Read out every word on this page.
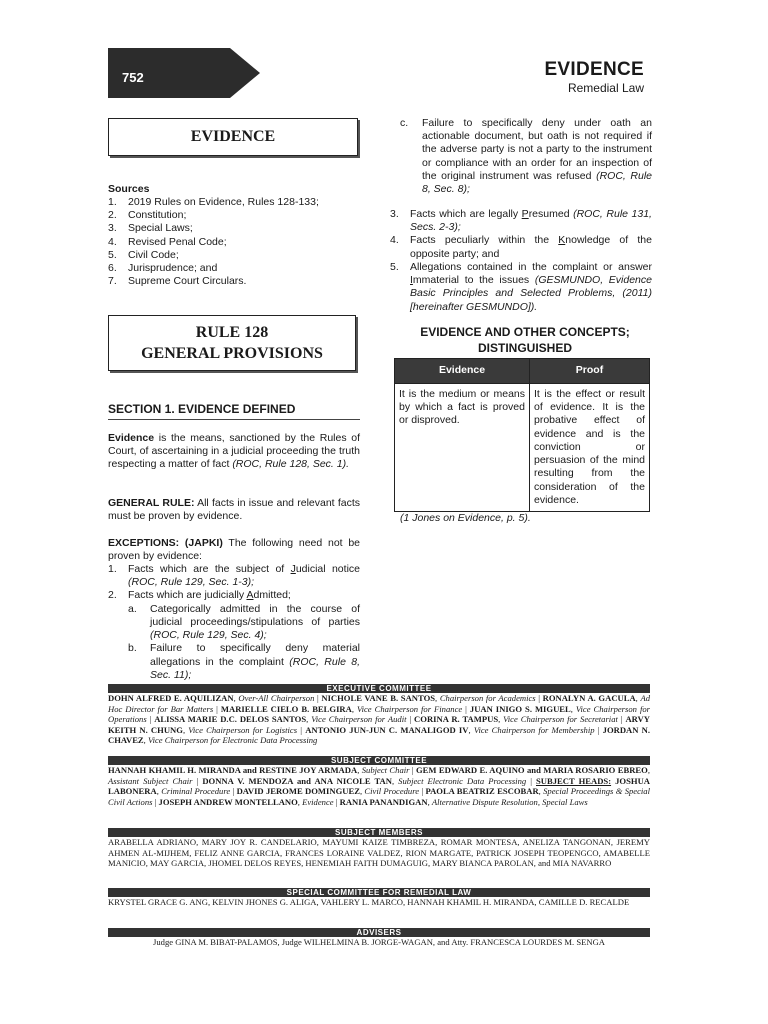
752	EVIDENCE
Remedial Law
EVIDENCE
Sources
1.	2019 Rules on Evidence, Rules 128-133;
2.	Constitution;
3.	Special Laws;
4.	Revised Penal Code;
5.	Civil Code;
6.	Jurisprudence; and
7.	Supreme Court Circulars.
RULE 128
GENERAL PROVISIONS
SECTION 1. EVIDENCE DEFINED
Evidence is the means, sanctioned by the Rules of Court, of ascertaining in a judicial proceeding the truth respecting a matter of fact (ROC, Rule 128, Sec. 1).
GENERAL RULE: All facts in issue and relevant facts must be proven by evidence.
EXCEPTIONS: (JAPKI) The following need not be proven by evidence:
1.	Facts which are the subject of Judicial notice (ROC, Rule 129, Sec. 1-3);
2.	Facts which are judicially Admitted;
a.	Categorically admitted in the course of judicial proceedings/stipulations of parties (ROC, Rule 129, Sec. 4);
b.	Failure to specifically deny material allegations in the complaint (ROC, Rule 8, Sec. 11);
c.	Failure to specifically deny under oath an actionable document, but oath is not required if the adverse party is not a party to the instrument or compliance with an order for an inspection of the original instrument was refused (ROC, Rule 8, Sec. 8);
3.	Facts which are legally Presumed (ROC, Rule 131, Secs. 2-3);
4.	Facts peculiarly within the Knowledge of the opposite party; and
5.	Allegations contained in the complaint or answer Immaterial to the issues (GESMUNDO, Evidence Basic Principles and Selected Problems, (2011) [hereinafter GESMUNDO]).
EVIDENCE AND OTHER CONCEPTS;
DISTINGUISHED
Evidence	Proof
It is the medium or means by which a fact is proved or disproved.	It is the effect or result of evidence. It is the probative effect of evidence and is the conviction or persuasion of the mind resulting from the consideration of the evidence.
(1 Jones on Evidence, p. 5).
EXECUTIVE COMMITTEE
DOHN ALFRED E. AQUILIZAN, Over-All Chairperson | NICHOLE VANE B. SANTOS, Chairperson for Academics | RONALYN A. GACULA, Ad Hoc Director for Bar Matters | MARIELLE CIELO B. BELGIRA, Vice Chairperson for Finance | JUAN INIGO S. MIGUEL, Vice Chairperson for Operations | ALISSA MARIE D.C. DELOS SANTOS, Vice Chairperson for Audit | CORINA R. TAMPUS, Vice Chairperson for Secretariat | ARVY KEITH N. CHUNG, Vice Chairperson for Logistics | ANTONIO JUN-JUN C. MANALIGOD IV, Vice Chairperson for Membership | JORDAN N. CHAVEZ, Vice Chairperson for Electronic Data Processing
SUBJECT COMMITTEE
HANNAH KHAMIL H. MIRANDA and RESTINE JOY ARMADA, Subject Chair | GEM EDWARD E. AQUINO and MARIA ROSARIO EBREO, Assistant Subject Chair | DONNA V. MENDOZA and ANA NICOLE TAN, Subject Electronic Data Processing | SUBJECT HEADS: JOSHUA LABONERA, Criminal Procedure | DAVID JEROME DOMINGUEZ, Civil Procedure | PAOLA BEATRIZ ESCOBAR, Special Proceedings & Special Civil Actions | JOSEPH ANDREW MONTELLANO, Evidence | RANIA PANANDIGAN, Alternative Dispute Resolution, Special Laws
SUBJECT MEMBERS
ARABELLA ADRIANO, MARY JOY R. CANDELARIO, MAYUMI KAIZE TIMBREZA, ROMAR MONTESA, ANELIZA TANGONAN, JEREMY AHMEN AL-MIJHEM, FELIZ ANNE GARCIA, FRANCES LORAINE VALDEZ, RION MARGATE, PATRICK JOSEPH TEOPENGCO, AMABELLE MANICIO, MAY GARCIA, JHOMEL DELOS REYES, HENEMIAH FAITH DUMAGUIG, MARY BIANCA PAROLAN, and MIA NAVARRO
SPECIAL COMMITTEE FOR REMEDIAL LAW
KRYSTEL GRACE G. ANG, KELVIN JHONES G. ALIGA, VAHLERY L. MARCO, HANNAH KHAMIL H. MIRANDA, CAMILLE D. RECALDE
ADVISERS
Judge GINA M. BIBAT-PALAMOS, Judge WILHELMINA B. JORGE-WAGAN, and Atty. FRANCESCA LOURDES M. SENGA
